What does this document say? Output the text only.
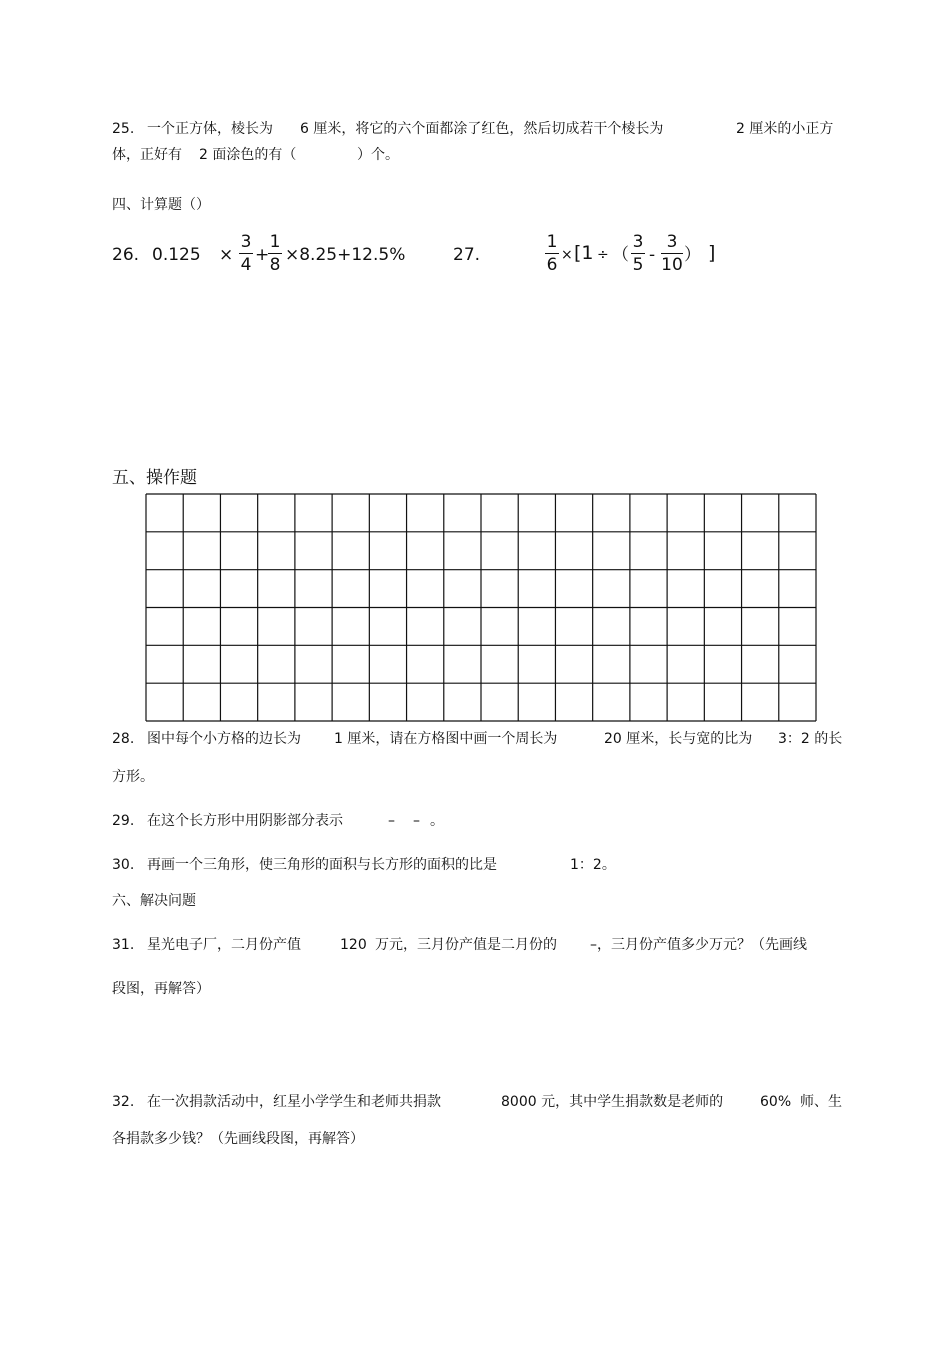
25. 一个正方体，棱长为 6 厘米，将它的六个面都涂了红色，然后切成若干个棱长为	2 厘米的小正方
体，正好有 2 面涂色的有（	）个。
四、计算题（）
26. 0.125 ×
3
4 +
1
8 ×8.25+12.5%	27.
1
6 × [1 ÷ （
3
5 -
3
10 ） ]
五、操作题
28. 图中每个小方格的边长为 1 厘米，请在方格图中画一个周长为	20 厘米，长与宽的比为 3：2 的长
方形。
29. 在这个长方形中用阴影部分表示	– – 。
30. 再画一个三角形，使三角形的面积与长方形的面积的比是	1：2。
六、解决问题
31. 星光电子厂，二月份产值	120 万元，三月份产值是二月份的 –，三月份产值多少万元？（先画线
段图，再解答）
32. 在一次捐款活动中，红星小学学生和老师共捐款	8000 元，其中学生捐款数是老师的	60% 师、生
各捐款多少钱？（先画线段图，再解答）
